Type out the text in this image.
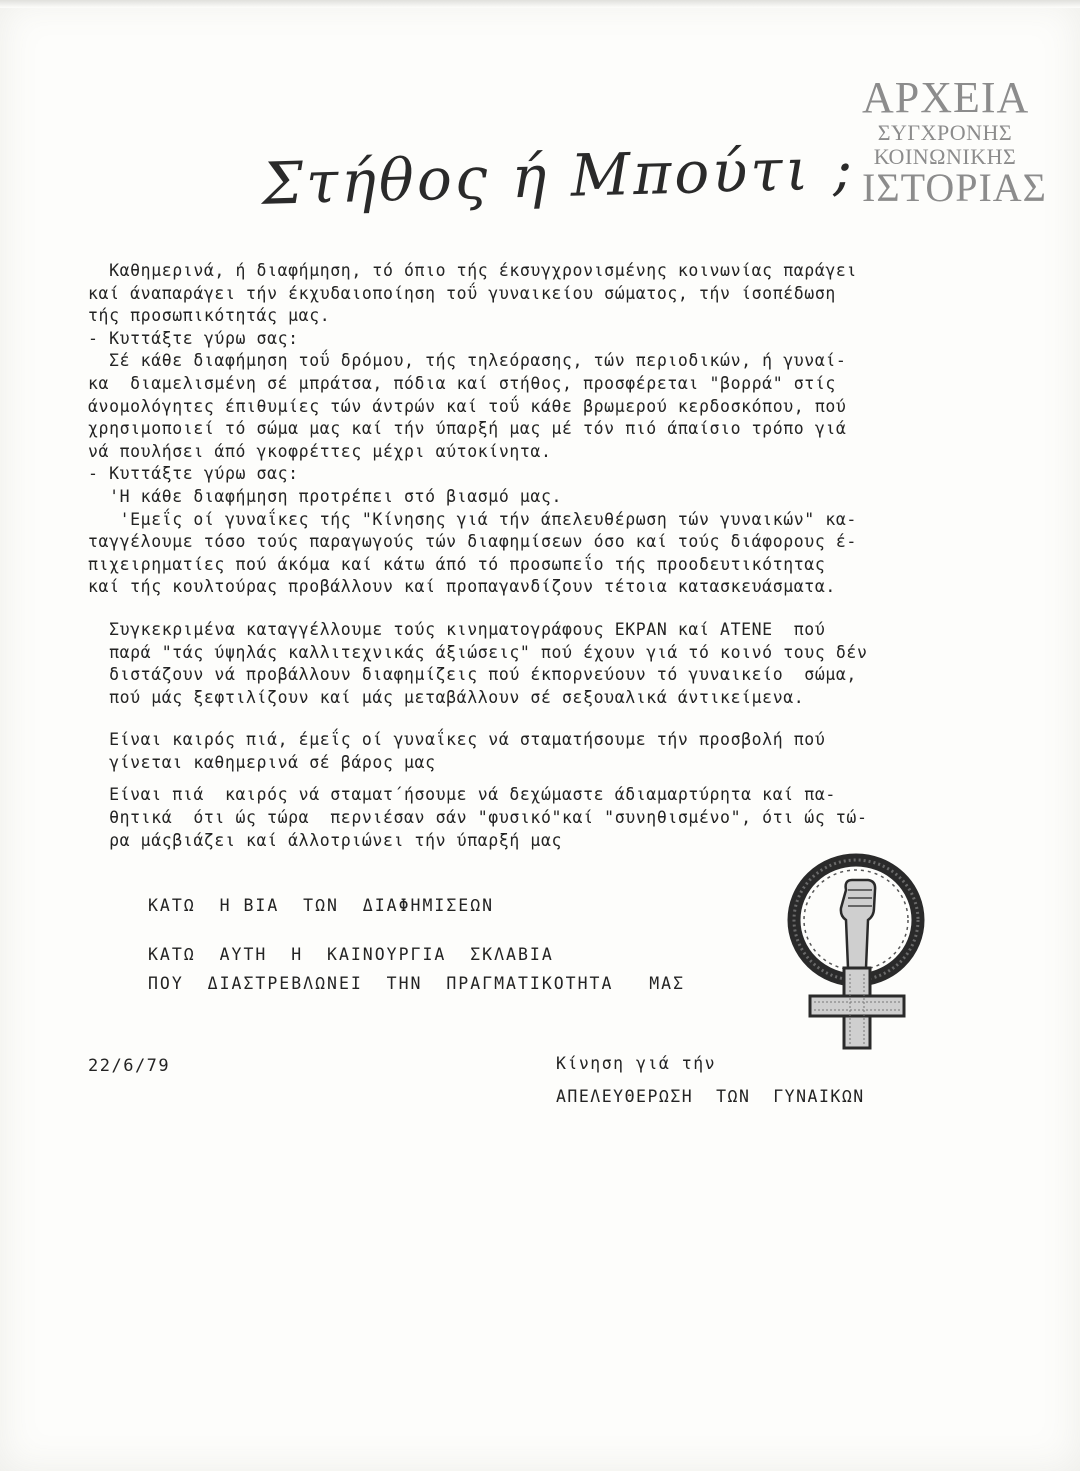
ΑΡΧΕΙΑ
ΣΥΓΧΡΟΝΗΣ
ΚΟΙΝΩΝΙΚΗΣ
ΙΣΤΟΡΙΑΣ
Στήθος ή Μπούτι ;
Καθημερινά, ή διαφήμηση, τό όπιο τής έκσυγχρονισμένης κοινωνίας παράγει
καί άναπαράγει τήν έκχυδαιοποίηση τοΰ γυναικείου σώματος, τήν ίσοπέδωση
τής προσωπικότητάς μας.
- Κυττάξτε γύρω σας:
Σέ κάθε διαφήμηση τοΰ δρόμου, τής τηλεόρασης, τών περιοδικών, ή γυναί-
κα  διαμελισμένη σέ μπράτσα, πόδια καί στήθος, προσφέρεται "βορρά" στίς
άνομολόγητες έπιθυμίες τών άντρών καί τοΰ κάθε βρωμερού κερδοσκόπου, πού
χρησιμοποιεί τό σώμα μας καί τήν ύπαρξή μας μέ τόν πιό άπαίσιο τρόπο γιά
νά πουλήσει άπό γκοφρέττες μέχρι αύτοκίνητα.
- Κυττάξτε γύρω σας:
'Η κάθε διαφήμηση προτρέπει στό βιασμό μας.
'Εμεΐς οί γυναΐκες τής "Κίνησης γιά τήν άπελευθέρωση τών γυναικών" κα-
ταγγέλουμε τόσο τούς παραγωγούς τών διαφημίσεων όσο καί τούς διάφορους έ-
πιχειρηματίες πού άκόμα καί κάτω άπό τό προσωπεΐο τής προοδευτικότητας
καί τής κουλτούρας προβάλλουν καί προπαγανδίζουν τέτοια κατασκευάσματα.
Συγκεκριμένα καταγγέλλουμε τούς κινηματογράφους ΕΚΡΑΝ καί ΑΤΕΝΕ  πού
παρά "τάς ύψηλάς καλλιτεχνικάς άξιώσεις" πού έχουν γιά τό κοινό τους δέν
διστάζουν νά προβάλλουν διαφημίζεις πού έκπορνεύουν τό γυναικείο  σώμα,
πού μάς ξεφτιλίζουν καί μάς μεταβάλλουν σέ σεξουαλικά άντικείμενα.
Είναι καιρός πιά, έμεΐς οί γυναΐκες νά σταματήσουμε τήν προσβολή πού
γίνεται καθημερινά σέ βάρος μας
Είναι πιά  καιρός νά σταματ΄ήσουμε νά δεχώμαστε άδιαμαρτύρητα καί πα-
θητικά  ότι ώς τώρα  περνιέσαν σάν "φυσικό"καί "συνηθισμένο", ότι ώς τώ-
ρα μάςβιάζει καί άλλοτριώνει τήν ύπαρξή μας
ΚΑΤΩ  Η ΒΙΑ  ΤΩΝ  ΔΙΑΦΗΜΙΣΕΩΝ
ΚΑΤΩ  ΑΥΤΗ  Η  ΚΑΙΝΟΥΡΓΙΑ  ΣΚΛΑΒΙΑ
ΠΟΥ  ΔΙΑΣΤΡΕΒΛΩΝΕΙ  ΤΗΝ  ΠΡΑΓΜΑΤΙΚΟΤΗΤΑ   ΜΑΣ
22/6/79	Κίνηση γιά τήν
ΑΠΕΛΕΥΘΕΡΩΣΗ  ΤΩΝ  ΓΥΝΑΙΚΩΝ
